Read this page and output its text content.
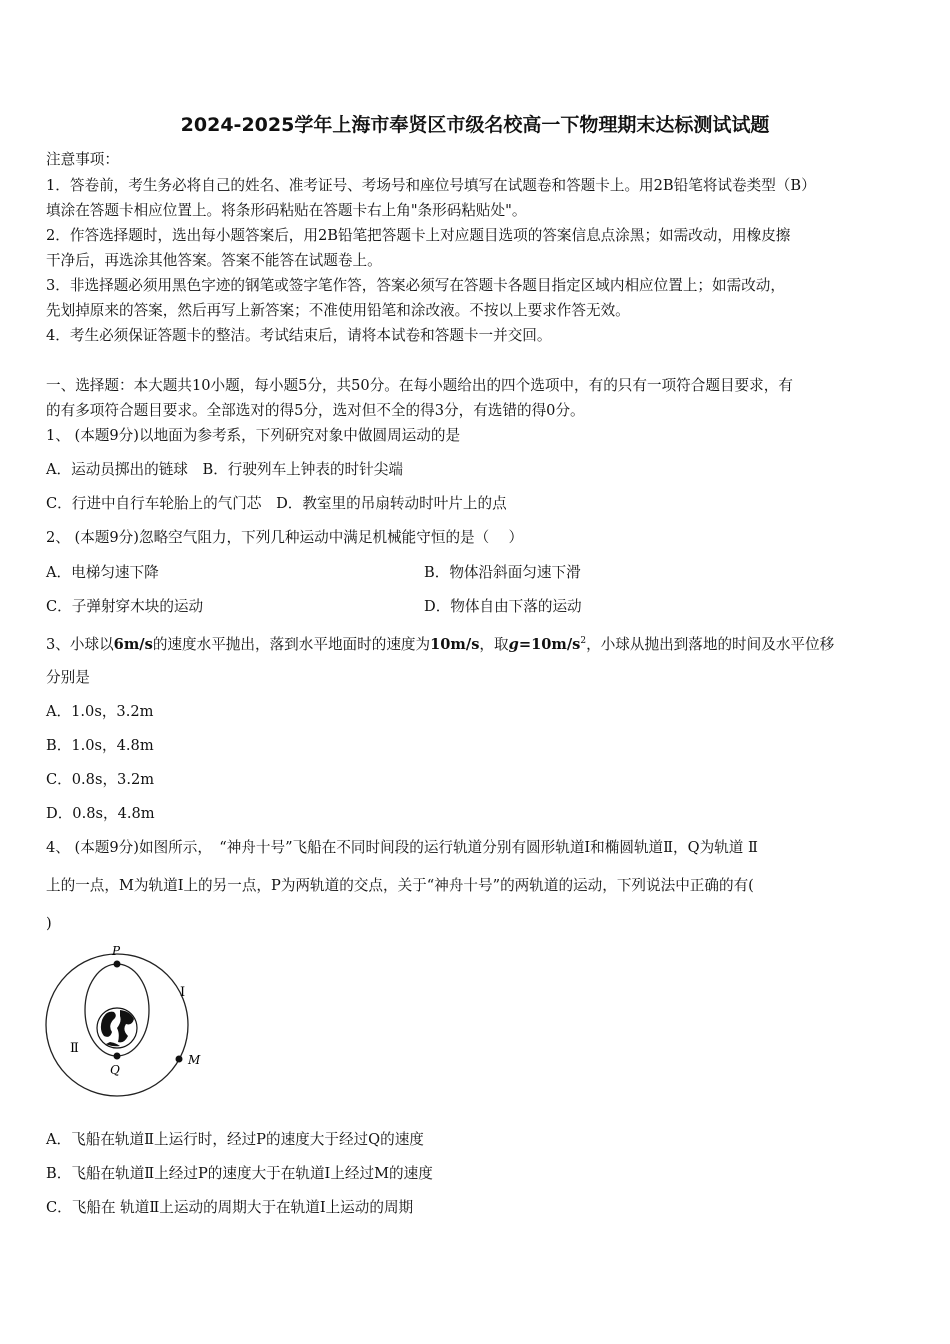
2024-2025学年上海市奉贤区市级名校高一下物理期末达标测试试题
注意事项：
1．答卷前，考生务必将自己的姓名、准考证号、考场号和座位号填写在试题卷和答题卡上。用2B铅笔将试卷类型（B）
填涂在答题卡相应位置上。将条形码粘贴在答题卡右上角"条形码粘贴处"。
2．作答选择题时，选出每小题答案后，用2B铅笔把答题卡上对应题目选项的答案信息点涂黑；如需改动，用橡皮擦
干净后，再选涂其他答案。答案不能答在试题卷上。
3．非选择题必须用黑色字迹的钢笔或签字笔作答，答案必须写在答题卡各题目指定区域内相应位置上；如需改动，
先划掉原来的答案，然后再写上新答案；不准使用铅笔和涂改液。不按以上要求作答无效。
4．考生必须保证答题卡的整洁。考试结束后，请将本试卷和答题卡一并交回。
一、选择题：本大题共10小题，每小题5分，共50分。在每小题给出的四个选项中，有的只有一项符合题目要求，有
的有多项符合题目要求。全部选对的得5分，选对但不全的得3分，有选错的得0分。
1、 (本题9分)以地面为参考系，下列研究对象中做圆周运动的是
A．运动员掷出的链球　B．行驶列车上钟表的时针尖端
C．行进中自行车轮胎上的气门芯　D．教室里的吊扇转动时叶片上的点
2、 (本题9分)忽略空气阻力，下列几种运动中满足机械能守恒的是（　 ）
A．电梯匀速下降	B．物体沿斜面匀速下滑
C．子弹射穿木块的运动	D．物体自由下落的运动
3、小球以6m/s的速度水平抛出，落到水平地面时的速度为10m/s，取$g=10m/s^2$，小球从抛出到落地的时间及水平位移
分别是
A．1.0s，3.2m
B．1.0s，4.8m
C．0.8s，3.2m
D．0.8s，4.8m
4、 (本题9分)如图所示，　“神舟十号”飞船在不同时间段的运行轨道分别有圆形轨道Ⅰ和椭圆轨道Ⅱ，Q为轨道 Ⅱ
上的一点，M为轨道Ⅰ上的另一点，P为两轨道的交点，关于“神舟十号”的两轨道的运动，下列说法中正确的有(
)
P
Q
M
Ⅰ
Ⅱ
A．飞船在轨道Ⅱ上运行时，经过P的速度大于经过Q的速度
B．飞船在轨道Ⅱ上经过P的速度大于在轨道Ⅰ上经过M的速度
C．飞船在 轨道Ⅱ上运动的周期大于在轨道Ⅰ上运动的周期
